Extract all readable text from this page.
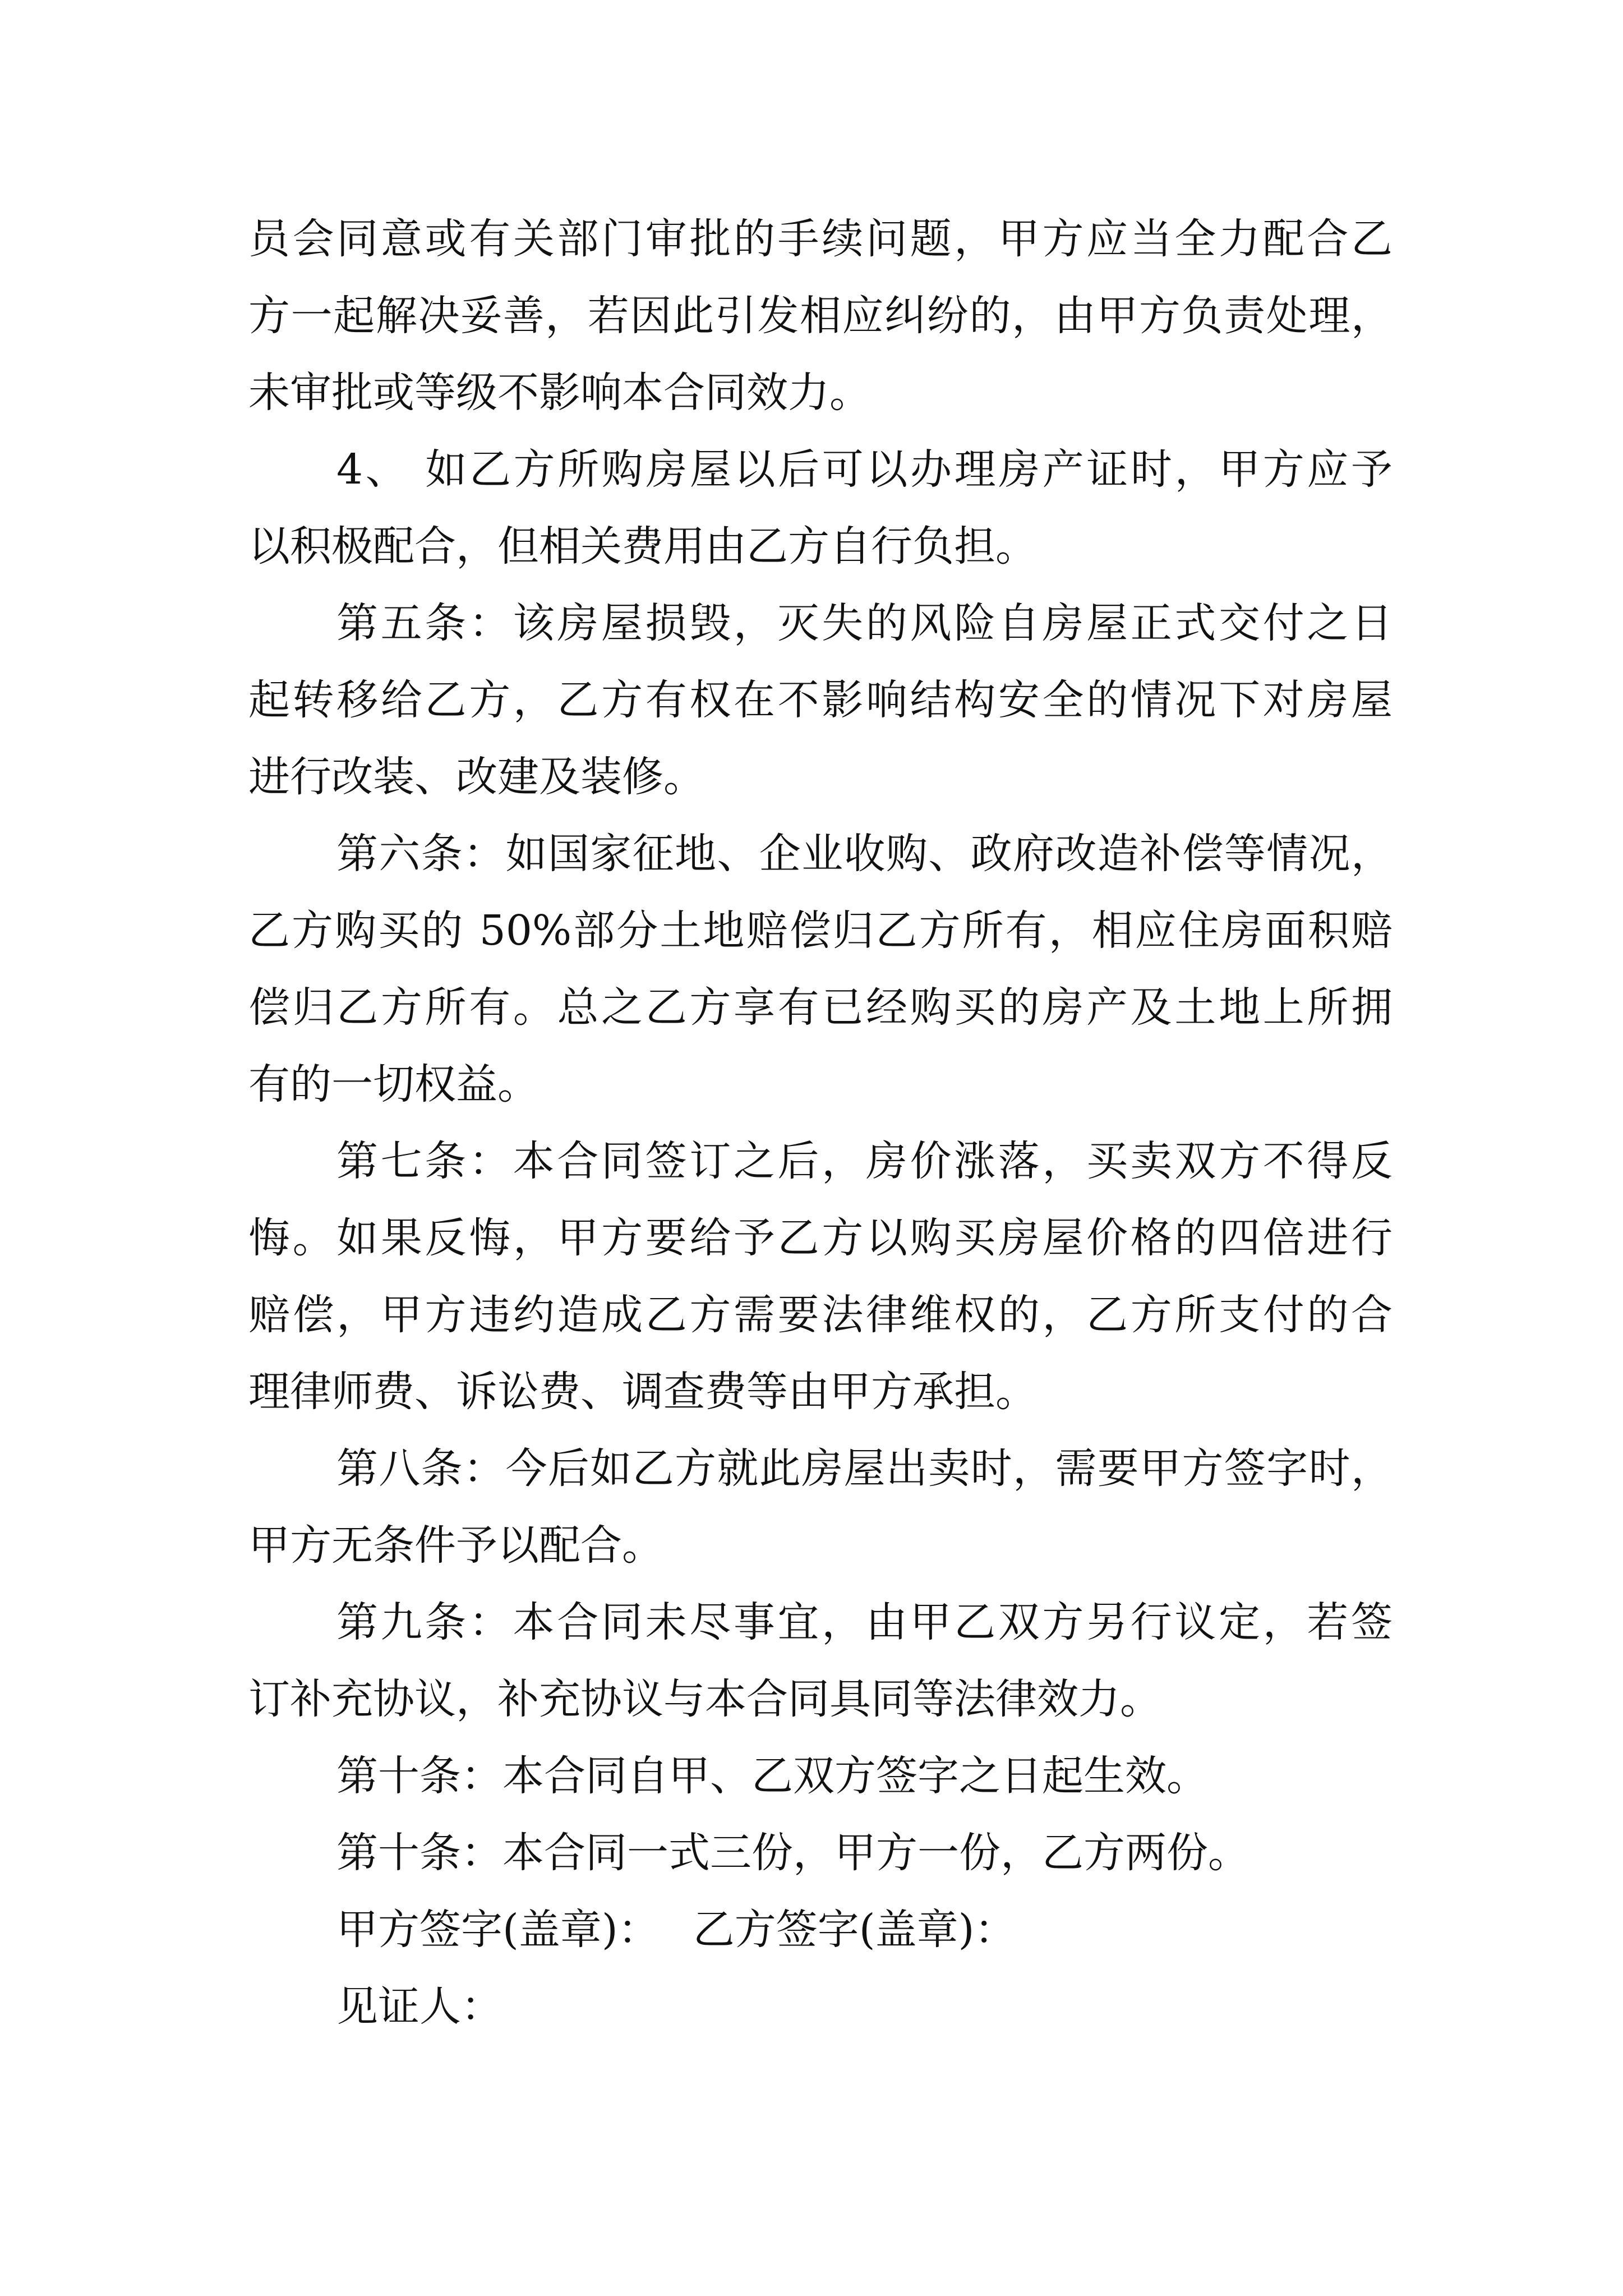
员会同意或有关部门审批的手续问题，甲方应当全力配合乙
方一起解决妥善，若因此引发相应纠纷的，由甲方负责处理，
未审批或等级不影响本合同效力。
4、 如乙方所购房屋以后可以办理房产证时，甲方应予
以积极配合，但相关费用由乙方自行负担。
第五条：该房屋损毁，灭失的风险自房屋正式交付之日
起转移给乙方，乙方有权在不影响结构安全的情况下对房屋
进行改装、改建及装修。
第六条：如国家征地、企业收购、政府改造补偿等情况，
乙方购买的 50%部分土地赔偿归乙方所有，相应住房面积赔
偿归乙方所有。总之乙方享有已经购买的房产及土地上所拥
有的一切权益。
第七条：本合同签订之后，房价涨落，买卖双方不得反
悔。如果反悔，甲方要给予乙方以购买房屋价格的四倍进行
赔偿，甲方违约造成乙方需要法律维权的，乙方所支付的合
理律师费、诉讼费、调查费等由甲方承担。
第八条：今后如乙方就此房屋出卖时，需要甲方签字时，
甲方无条件予以配合。
第九条：本合同未尽事宜，由甲乙双方另行议定，若签
订补充协议，补充协议与本合同具同等法律效力。
第十条：本合同自甲、乙双方签字之日起生效。
第十条：本合同一式三份，甲方一份，乙方两份。
甲方签字(盖章)： 乙方签字(盖章)：
见证人：
